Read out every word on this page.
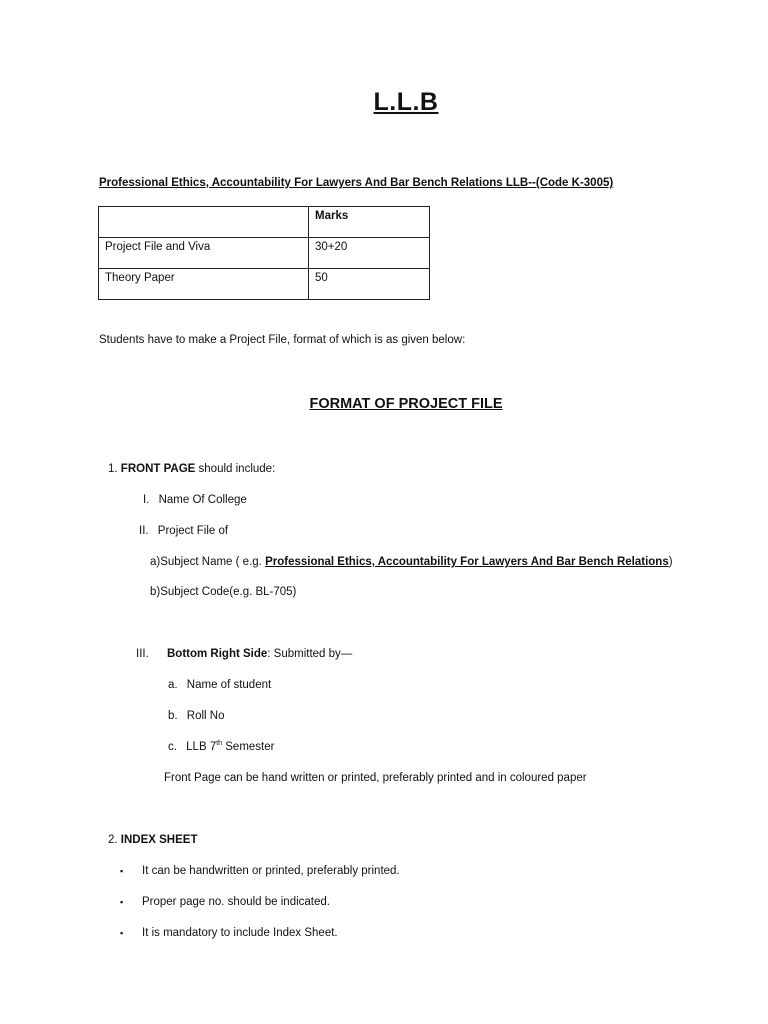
L.L.B
Professional Ethics, Accountability For Lawyers And Bar Bench Relations LLB--(Code K-3005)
	Marks
Project File and Viva	30+20
Theory Paper	50
Students have to make a Project File, format of which is as given below:
FORMAT OF PROJECT FILE
1. FRONT PAGE should include:
I. Name Of College
II. Project File of
a)Subject Name ( e.g. Professional Ethics, Accountability For Lawyers And Bar Bench Relations)
b)Subject Code(e.g. BL-705)
III. Bottom Right Side: Submitted by—
a. Name of student
b. Roll No
c. LLB 7th Semester
Front Page can be hand written or printed, preferably printed and in coloured paper
2. INDEX SHEET
▪ It can be handwritten or printed, preferably printed.
▪ Proper page no. should be indicated.
▪ It is mandatory to include Index Sheet.
